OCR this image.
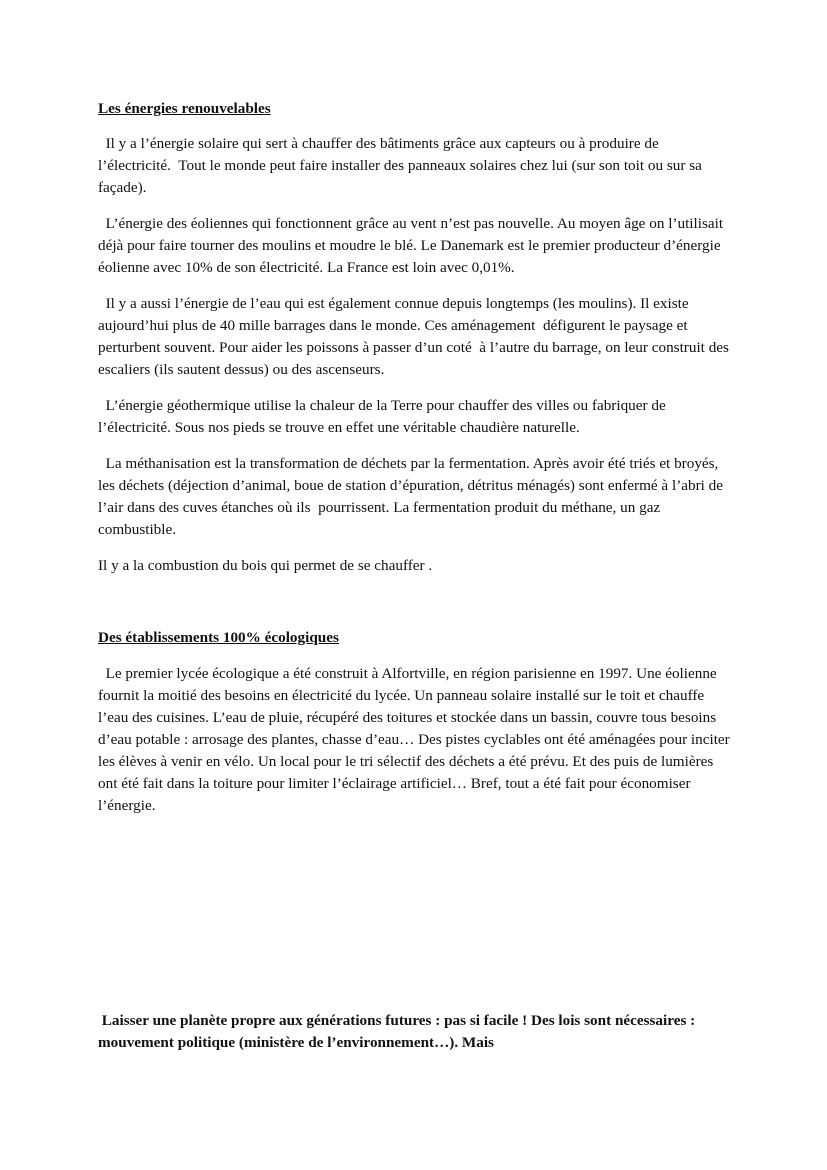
Les énergies renouvelables

Il y a l’énergie solaire qui sert à chauffer des bâtiments grâce aux capteurs ou à produire de l’électricité.  Tout le monde peut faire installer des panneaux solaires chez lui (sur son toit ou sur sa façade).

L’énergie des éoliennes qui fonctionnent grâce au vent n’est pas nouvelle. Au moyen âge on l’utilisait déjà pour faire tourner des moulins et moudre le blé. Le Danemark est le premier producteur d’énergie éolienne avec 10% de son électricité. La France est loin avec 0,01%.

Il y a aussi l’énergie de l’eau qui est également connue depuis longtemps (les moulins). Il existe aujourd’hui plus de 40 mille barrages dans le monde. Ces aménagement  défigurent le paysage et perturbent souvent. Pour aider les poissons à passer d’un coté  à l’autre du barrage, on leur construit des escaliers (ils sautent dessus) ou des ascenseurs.

L’énergie géothermique utilise la chaleur de la Terre pour chauffer des villes ou fabriquer de l’électricité. Sous nos pieds se trouve en effet une véritable chaudière naturelle.

La méthanisation est la transformation de déchets par la fermentation. Après avoir été triés et broyés,  les déchets (déjection d’animal, boue de station d’épuration, détritus ménagés) sont enfermé à l’abri de l’air dans des cuves étanches où ils  pourrissent. La fermentation produit du méthane, un gaz combustible.

Il y a la combustion du bois qui permet de se chauffer .

Des établissements 100% écologiques

Le premier lycée écologique a été construit à Alfortville, en région parisienne en 1997. Une éolienne fournit la moitié des besoins en électricité du lycée. Un panneau solaire installé sur le toit et chauffe l’eau des cuisines. L’eau de pluie, récupéré des toitures et stockée dans un bassin, couvre tous besoins d’eau potable : arrosage des plantes, chasse d’eau… Des pistes cyclables ont été aménagées pour inciter les élèves à venir en vélo. Un local pour le tri sélectif des déchets a été prévu. Et des puis de lumières ont été fait dans la toiture pour limiter l’éclairage artificiel… Bref, tout a été fait pour économiser l’énergie.

Laisser une planète propre aux générations futures : pas si facile ! Des lois sont nécessaires : mouvement politique (ministère de l’environnement…). Mais
